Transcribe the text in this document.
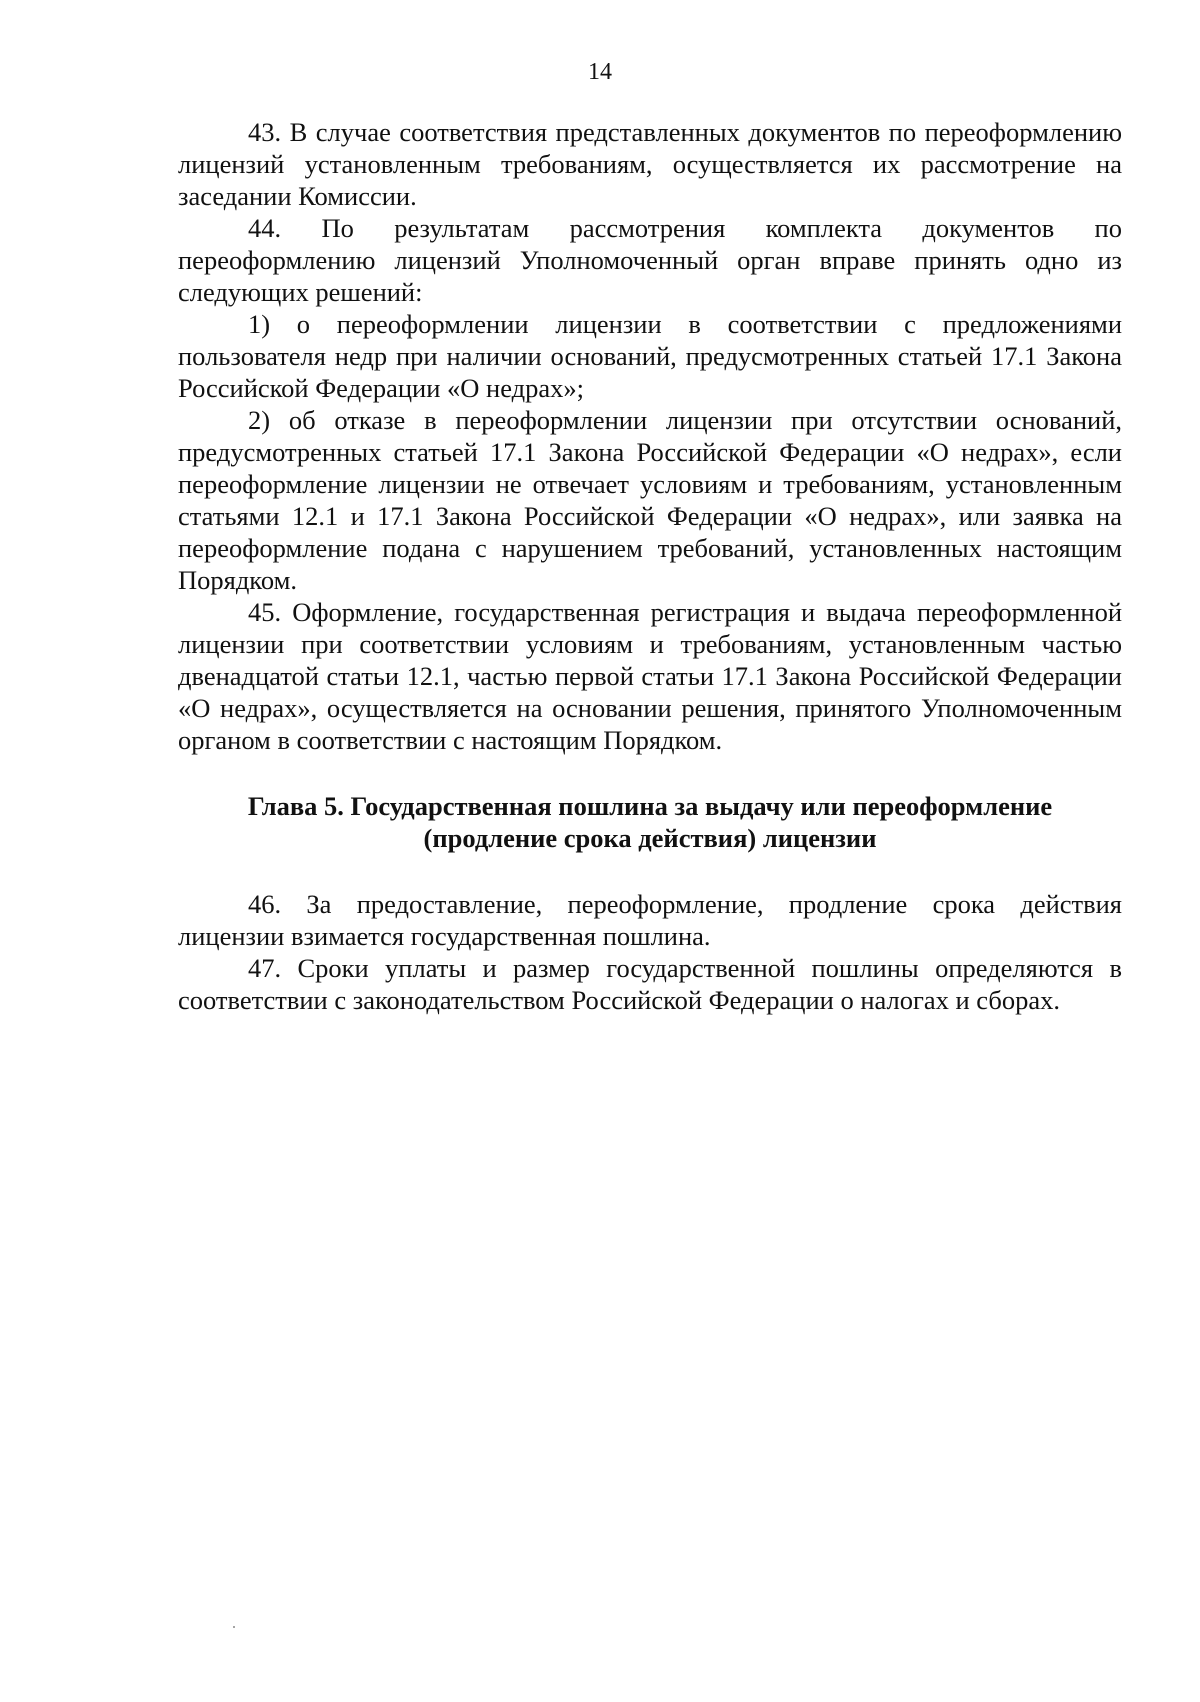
14

43. В случае соответствия представленных документов по переоформлению лицензий установленным требованиям, осуществляется их рассмотрение на заседании Комиссии.

44. По результатам рассмотрения комплекта документов по переоформлению лицензий Уполномоченный орган вправе принять одно из следующих решений:

1) о переоформлении лицензии в соответствии с предложениями пользователя недр при наличии оснований, предусмотренных статьей 17.1 Закона Российской Федерации «О недрах»;

2) об отказе в переоформлении лицензии при отсутствии оснований, предусмотренных статьей 17.1 Закона Российской Федерации «О недрах», если переоформление лицензии не отвечает условиям и требованиям, установленным статьями 12.1 и 17.1 Закона Российской Федерации «О недрах», или заявка на переоформление подана с нарушением требований, установленных настоящим Порядком.

45. Оформление, государственная регистрация и выдача переоформленной лицензии при соответствии условиям и требованиям, установленным частью двенадцатой статьи 12.1, частью первой статьи 17.1 Закона Российской Федерации «О недрах», осуществляется на основании решения, принятого Уполномоченным органом в соответствии с настоящим Порядком.

Глава 5. Государственная пошлина за выдачу или переоформление (продление срока действия) лицензии

46. За предоставление, переоформление, продление срока действия лицензии взимается государственная пошлина.

47. Сроки уплаты и размер государственной пошлины определяются в соответствии с законодательством Российской Федерации о налогах и сборах.
